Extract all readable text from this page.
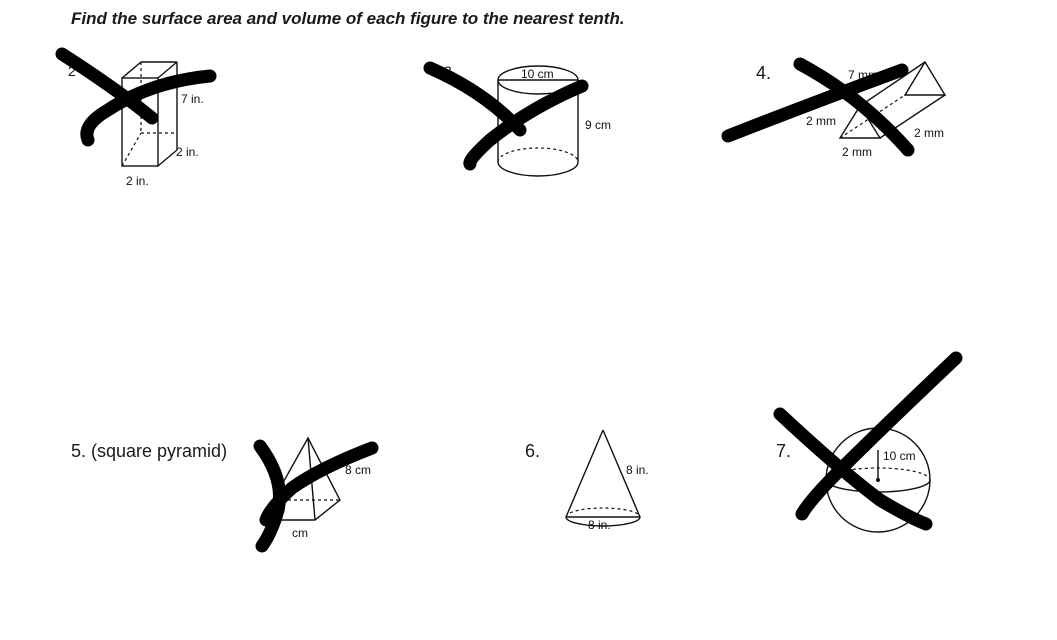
Find the surface area and volume of each figure to the nearest tenth.
4.
5. (square pyramid)	6.	7.
2
7 in.
2 in.
2 in.
3	10 cm
9 cm
7 mm
2 mm
2 mm
2 mm
8 cm
cm
8 in.
8 in.
10 cm
